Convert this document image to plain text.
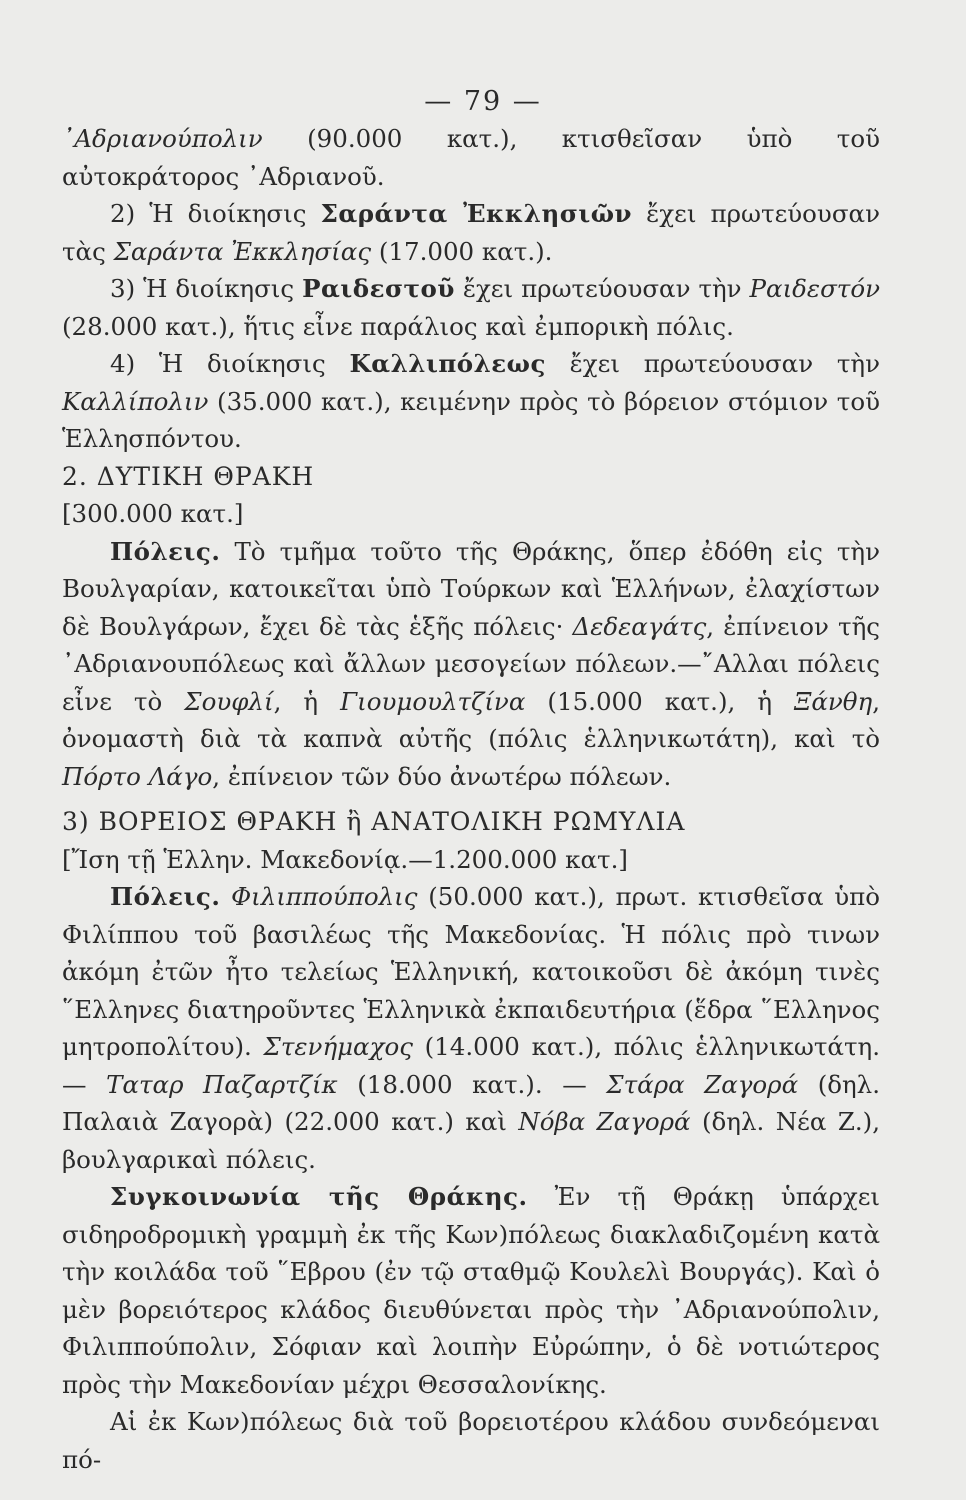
— 79 —

᾿Αδριανούπολιν (90.000 κατ.), κτισθεῖσαν ὑπὸ τοῦ αὐτοκράτορος ᾿Αδριανοῦ.

2) Ἡ διοίκησις Σαράντα Ἐκκλησιῶν ἔχει πρωτεύουσαν τὰς Σαράντα Ἐκκλησίας (17.000 κατ.).

3) Ἡ διοίκησις Ραιδεστοῦ ἔχει πρωτεύουσαν τὴν Ραιδεστόν (28.000 κατ.), ἥτις εἶνε παράλιος καὶ ἐμπορικὴ πόλις.

4) Ἡ διοίκησις Καλλιπόλεως ἔχει πρωτεύουσαν τὴν Καλλίπολιν (35.000 κατ.), κειμένην πρὸς τὸ βόρειον στόμιον τοῦ Ἑλλησπόντου.

2. ΔΥΤΙΚΗ ΘΡΑΚΗ

[300.000 κατ.]

Πόλεις. Τὸ τμῆμα τοῦτο τῆς Θράκης, ὅπερ ἐδόθη εἰς τὴν Βουλγαρίαν, κατοικεῖται ὑπὸ Τούρκων καὶ Ἑλλήνων, ἐλαχίστων δὲ Βουλγάρων, ἔχει δὲ τὰς ἑξῆς πόλεις· Δεδεαγάτς, ἐπίνειον τῆς ᾿Αδριανουπόλεως καὶ ἄλλων μεσογείων πόλεων.—῎Αλλαι πόλεις εἶνε τὸ Σουφλί, ἡ Γιουμουλτζίνα (15.000 κατ.), ἡ Ξάνθη, ὀνομαστὴ διὰ τὰ καπνὰ αὐτῆς (πόλις ἑλληνικωτάτη), καὶ τὸ Πόρτο Λάγο, ἐπίνειον τῶν δύο ἀνωτέρω πόλεων.

3) ΒΟΡΕΙΟΣ ΘΡΑΚΗ ἢ ΑΝΑΤΟΛΙΚΗ ΡΩΜΥΛΙΑ

[Ἴση τῇ Ἑλλην. Μακεδονίᾳ.—1.200.000 κατ.]

Πόλεις. Φιλιππούπολις (50.000 κατ.), πρωτ. κτισθεῖσα ὑπὸ Φιλίππου τοῦ βασιλέως τῆς Μακεδονίας. Ἡ πόλις πρὸ τινων ἀκόμη ἐτῶν ἦτο τελείως Ἑλληνική, κατοικοῦσι δὲ ἀκόμη τινὲς ῞Ελληνες διατηροῦντες Ἑλληνικὰ ἐκπαιδευτήρια (ἕδρα ῞Ελληνος μητροπολίτου). Στενήμαχος (14.000 κατ.), πόλις ἑλληνικωτάτη. — Ταταρ Παζαρτζίκ (18.000 κατ.). — Στάρα Ζαγορά (δηλ. Παλαιὰ Ζαγορὰ) (22.000 κατ.) καὶ Νόβα Ζαγορά (δηλ. Νέα Ζ.), βουλγαρικαὶ πόλεις.

Συγκοινωνία τῆς Θράκης. Ἐν τῇ Θράκῃ ὑπάρχει σιδηροδρομικὴ γραμμὴ ἐκ τῆς Κων)πόλεως διακλαδιζομένη κατὰ τὴν κοιλάδα τοῦ ῞Εβρου (ἐν τῷ σταθμῷ Κουλελὶ Βουργάς). Καὶ ὁ μὲν βορειότερος κλάδος διευθύνεται πρὸς τὴν ᾿Αδριανούπολιν, Φιλιππούπολιν, Σόφιαν καὶ λοιπὴν Εὐρώπην, ὁ δὲ νοτιώτερος πρὸς τὴν Μακεδονίαν μέχρι Θεσσαλονίκης.

Αἱ ἐκ Κων)πόλεως διὰ τοῦ βορειοτέρου κλάδου συνδεόμεναι πό-
